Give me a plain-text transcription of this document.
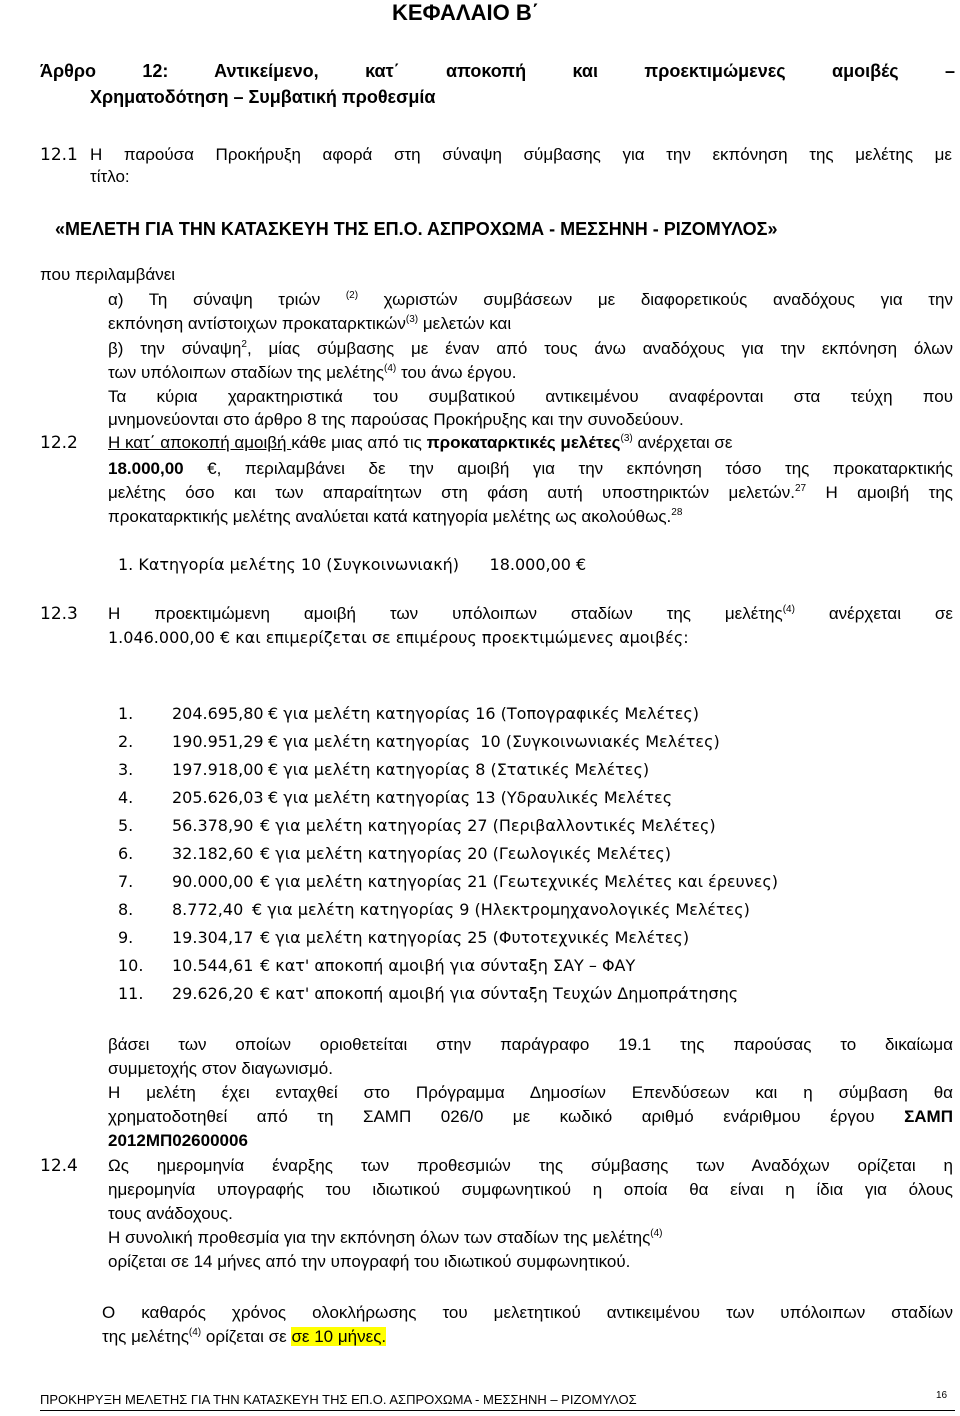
ΚΕΦΑΛΑΙΟ Β΄
Άρθρο 12: Αντικείμενο, κατ΄ αποκοπή και προεκτιμώμενες αμοιβές –
Χρηματοδότηση – Συμβατική προθεσμία
12.1 Η παρούσα Προκήρυξη αφορά στη σύναψη σύμβασης για την εκπόνηση της μελέτης με
τίτλο:
«ΜΕΛΕΤΗ ΓΙΑ ΤΗΝ ΚΑΤΑΣΚΕΥΗ ΤΗΣ ΕΠ.Ο. ΑΣΠΡΟΧΩΜΑ - ΜΕΣΣΗΝΗ - ΡΙΖΟΜΥΛΟΣ»
που περιλαμβάνει
α) Τη σύναψη τριών	$^{(2)}$ χωριστών συμβάσεων με διαφορετικούς αναδόχους για την
εκπόνηση αντίστοιχων προκαταρκτικών$^{(3)}$ μελετών και
β) την σύναψη$^2$, μίας σύμβασης με έναν από τους άνω αναδόχους για την εκπόνηση όλων
των υπόλοιπων σταδίων της μελέτης$^{(4)}$ του άνω έργου.
Τα κύρια χαρακτηριστικά του συμβατικού αντικειμένου αναφέρονται στα τεύχη που
μνημονεύονται στο άρθρο 8 της παρούσας Προκήρυξης και την συνοδεύουν.
12.2 Η κατ΄ αποκοπή αμοιβή κάθε μιας από τις προκαταρκτικές μελέτες$^{(3)}$ ανέρχεται σε
18.000,00 €, περιλαμβάνει δε την αμοιβή για την εκπόνηση τόσο της προκαταρκτικής
μελέτης όσο και των απαραίτητων στη φάση αυτή υποστηρικτών μελετών.$^{27}$ Η αμοιβή της
προκαταρκτικής μελέτης αναλύεται κατά κατηγορία μελέτης ως ακολούθως.$^{28}$
1. Κατηγορία μελέτης 10 (Συγκοινωνιακή)      18.000,00 €
12.3 Η προεκτιμώμενη αμοιβή των υπόλοιπων σταδίων της μελέτης$^{(4)}$ ανέρχεται σε
1.046.000,00 € και επιμερίζεται σε επιμέρους προεκτιμώμενες αμοιβές:
1. 204.695,80 € για μελέτη κατηγορίας 16 (Τοπογραφικές Μελέτες)
2. 190.951,29 € για μελέτη κατηγορίας  10 (Συγκοινωνιακές Μελέτες)
3. 197.918,00 € για μελέτη κατηγορίας 8 (Στατικές Μελέτες)
4. 205.626,03 € για μελέτη κατηγορίας 13 (Υδραυλικές Μελέτες
5. 56.378,90 € για μελέτη κατηγορίας 27 (Περιβαλλοντικές Μελέτες)
6. 32.182,60 € για μελέτη κατηγορίας 20 (Γεωλογικές Μελέτες)
7. 90.000,00 € για μελέτη κατηγορίας 21 (Γεωτεχνικές Μελέτες και έρευνες)
8. 8.772,40 € για μελέτη κατηγορίας 9 (Ηλεκτρομηχανολογικές Μελέτες)
9. 19.304,17 € για μελέτη κατηγορίας 25 (Φυτοτεχνικές Μελέτες)
10. 10.544,61 € κατ' αποκοπή αμοιβή για σύνταξη ΣΑΥ – ΦΑΥ
11. 29.626,20 € κατ' αποκοπή αμοιβή για σύνταξη Τευχών Δημοπράτησης
βάσει των οποίων οριοθετείται στην παράγραφο 19.1 της παρούσας το δικαίωμα
συμμετοχής στον διαγωνισμό.
Η μελέτη έχει ενταχθεί στο Πρόγραμμα Δημοσίων Επενδύσεων και η σύμβαση θα
χρηματοδοτηθεί από τη ΣΑΜΠ 026/0 με κωδικό αριθμό ενάριθμου έργου ΣΑΜΠ
2012ΜΠ02600006
12.4 Ως ημερομηνία έναρξης των προθεσμιών της σύμβασης των Αναδόχων ορίζεται η
ημερομηνία υπογραφής του ιδιωτικού συμφωνητικού η οποία θα είναι η ίδια για όλους
τους ανάδοχους.
Η συνολική προθεσμία για την εκπόνηση όλων των σταδίων της μελέτης$^{(4)}$
ορίζεται σε 14 μήνες από την υπογραφή του ιδιωτικού συμφωνητικού.
Ο καθαρός χρόνος ολοκλήρωσης του μελετητικού αντικειμένου των υπόλοιπων σταδίων
της μελέτης$^{(4)}$ ορίζεται σε σε 10 μήνες.
ΠΡΟΚΗΡΥΞΗ ΜΕΛΕΤΗΣ ΓΙΑ ΤΗΝ ΚΑΤΑΣΚΕΥΗ ΤΗΣ ΕΠ.Ο. ΑΣΠΡΟΧΩΜΑ - ΜΕΣΣΗΝΗ – ΡΙΖΟΜΥΛΟΣ	16
